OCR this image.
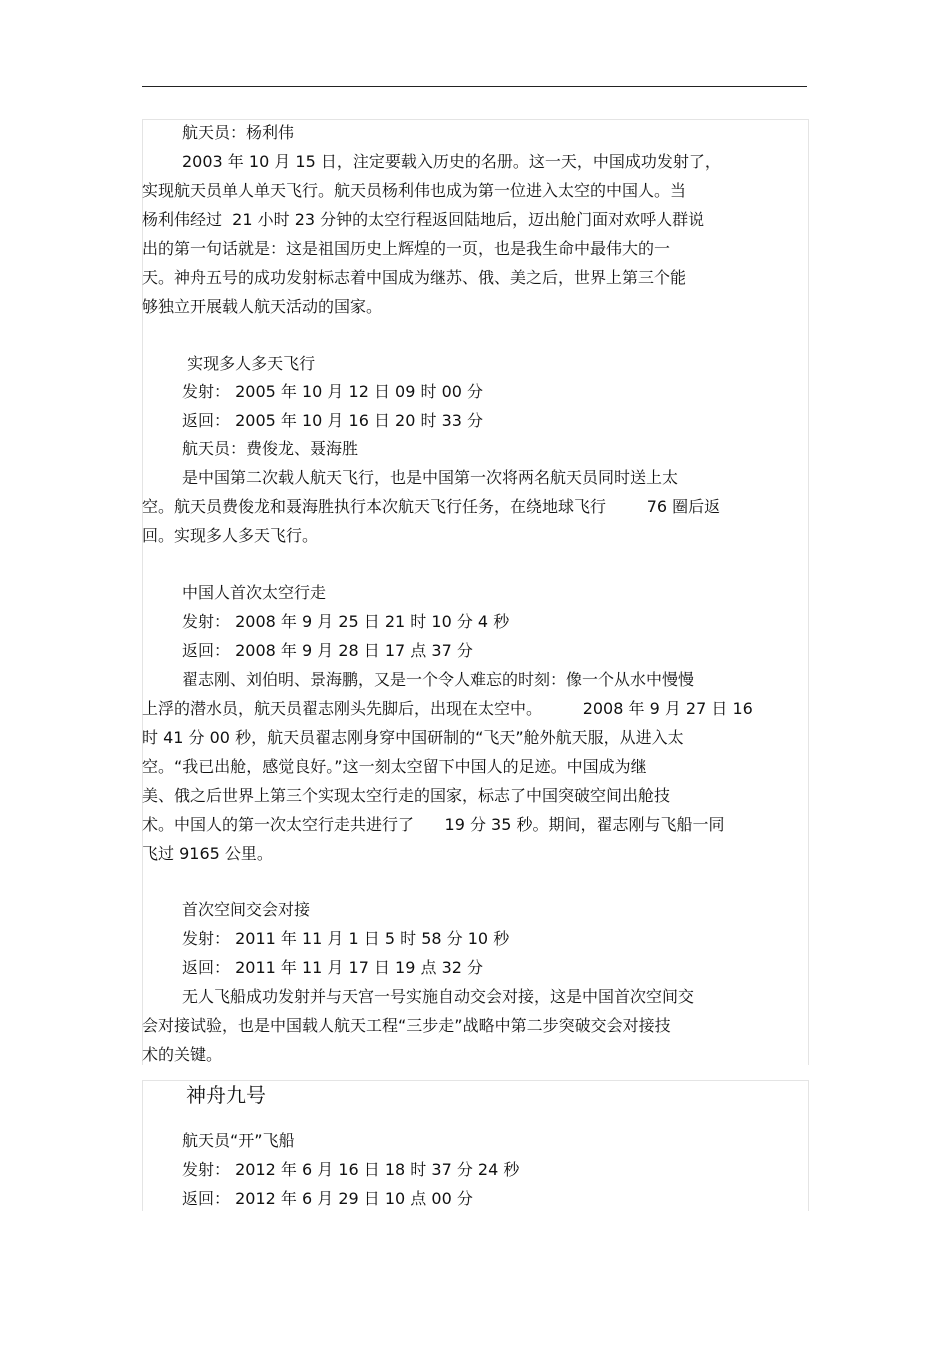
航天员：杨利伟
2003 年 10 月 15 日，注定要载入历史的名册。这一天，中国成功发射了，
实现航天员单人单天飞行。航天员杨利伟也成为第一位进入太空的中国人。当
杨利伟经过  21 小时 23 分钟的太空行程返回陆地后，迈出舱门面对欢呼人群说
出的第一句话就是：这是祖国历史上辉煌的一页，也是我生命中最伟大的一
天。神舟五号的成功发射标志着中国成为继苏、俄、美之后，世界上第三个能
够独立开展载人航天活动的国家。
实现多人多天飞行
发射： 2005 年 10 月 12 日 09 时 00 分
返回： 2005 年 10 月 16 日 20 时 33 分
航天员：费俊龙、聂海胜
是中国第二次载人航天飞行，也是中国第一次将两名航天员同时送上太
空。航天员费俊龙和聂海胜执行本次航天飞行任务，在绕地球飞行        76 圈后返
回。实现多人多天飞行。
中国人首次太空行走
发射： 2008 年 9 月 25 日 21 时 10 分 4 秒
返回： 2008 年 9 月 28 日 17 点 37 分
翟志刚、刘伯明、景海鹏，又是一个令人难忘的时刻：像一个从水中慢慢
上浮的潜水员，航天员翟志刚头先脚后，出现在太空中。        2008 年 9 月 27 日 16
时 41 分 00 秒，航天员翟志刚身穿中国研制的“飞天”舱外航天服，从进入太
空。“我已出舱，感觉良好。”这一刻太空留下中国人的足迹。中国成为继
美、俄之后世界上第三个实现太空行走的国家，标志了中国突破空间出舱技
术。中国人的第一次太空行走共进行了      19 分 35 秒。期间，翟志刚与飞船一同
飞过 9165 公里。
首次空间交会对接
发射： 2011 年 11 月 1 日 5 时 58 分 10 秒
返回： 2011 年 11 月 17 日 19 点 32 分
无人飞船成功发射并与天宫一号实施自动交会对接，这是中国首次空间交
会对接试验，也是中国载人航天工程“三步走”战略中第二步突破交会对接技
术的关键。
神舟九号
航天员“开”飞船
发射： 2012 年 6 月 16 日 18 时 37 分 24 秒
返回： 2012 年 6 月 29 日 10 点 00 分
